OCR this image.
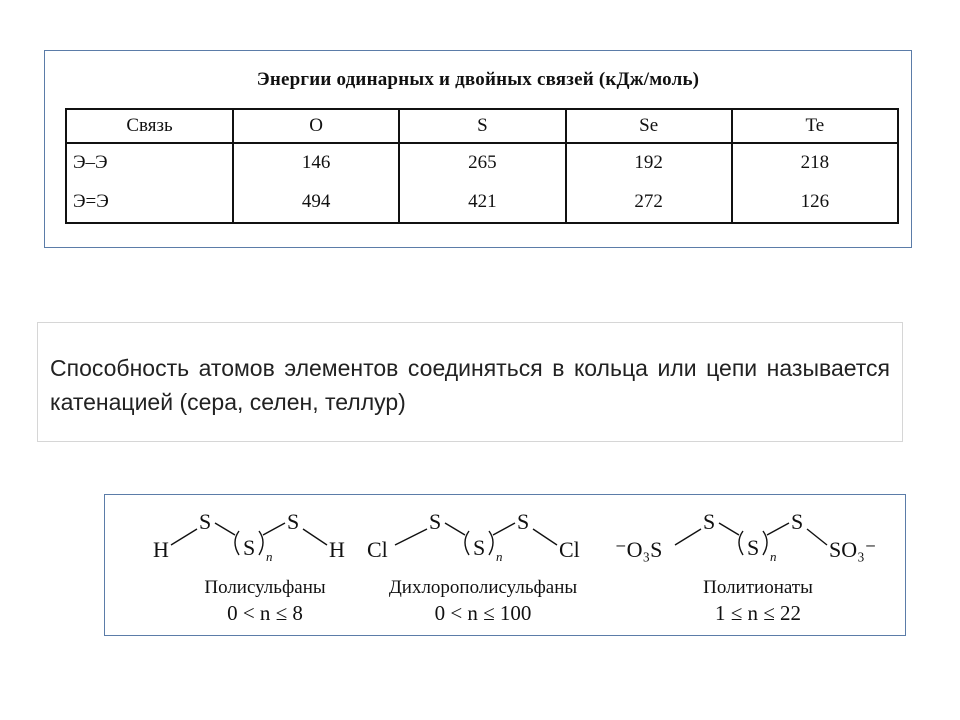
Энергии одинарных и двойных связей (кДж/моль)
Связь	O	S	Se	Te
Э–Э	146	265	192	218
Э=Э	494	421	272	126
Способность атомов элементов соединяться в кольца или цепи называется катенацией (сера, селен, теллур)
H
S
S n
S
H
Полисульфаны
0 < n ≤ 8
Cl
S
S n
S
Cl
Дихлорополисульфаны
0 < n ≤ 100
⁻O₃S
S
S n
S
SO₃⁻
Политионаты
1 ≤ n ≤ 22
